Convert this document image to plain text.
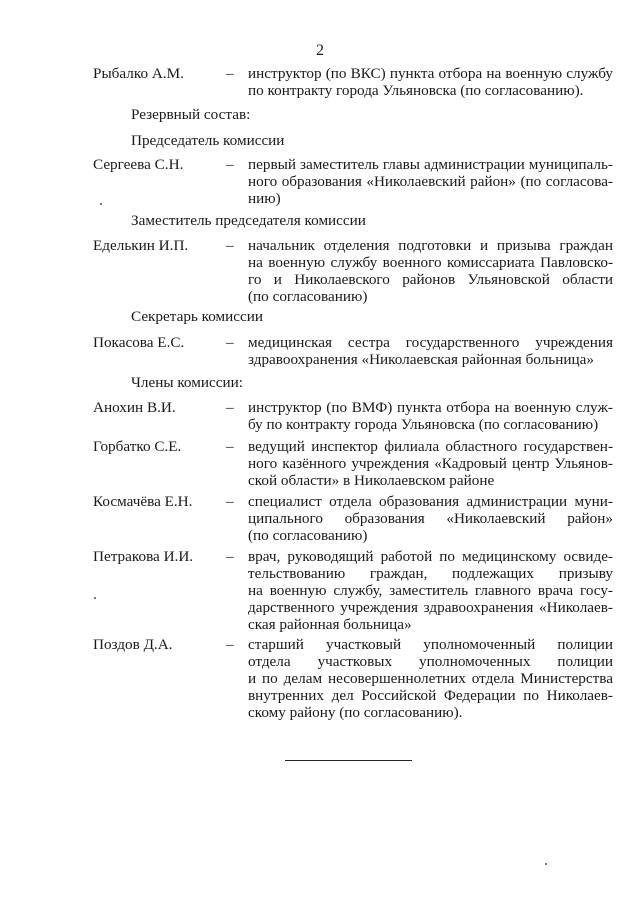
2
Рыбалко А.М.	– инструктор (по ВКС) пункта отбора на военную службу
по контракту города Ульяновска (по согласованию).
Резервный состав:
Председатель комиссии
Сергеева С.Н.	– первый заместитель главы администрации муниципаль-
ного образования «Николаевский район» (по согласова-
нию)
Заместитель председателя комиссии
Еделькин И.П. – начальник отделения подготовки и призыва граждан
на военную службу военного комиссариата Павловско-
го и Николаевского районов Ульяновской области
(по согласованию)
Секретарь комиссии
Покасова Е.С.	– медицинская сестра государственного учреждения
здравоохранения «Николаевская районная больница»
Члены комиссии:
Анохин В.И.	– инструктор (по ВМФ) пункта отбора на военную служ-
бу по контракту города Ульяновска (по согласованию)
Горбатко С.Е.	– ведущий инспектор филиала областного государствен-
ного казённого учреждения «Кадровый центр Ульянов-
ской области» в Николаевском районе
Космачёва Е.Н. – специалист отдела образования администрации муни-
ципального образования «Николаевский район»
(по согласованию)
Петракова И.И. – врач, руководящий работой по медицинскому освиде-
тельствованию граждан, подлежащих призыву
на военную службу, заместитель главного врача госу-
дарственного учреждения здравоохранения «Николаев-
ская районная больница»
Поздов Д.А.	– старший участковый уполномоченный полиции
отдела участковых уполномоченных полиции
и по делам несовершеннолетних отдела Министерства
внутренних дел Российской Федерации по Николаев-
скому району (по согласованию).
